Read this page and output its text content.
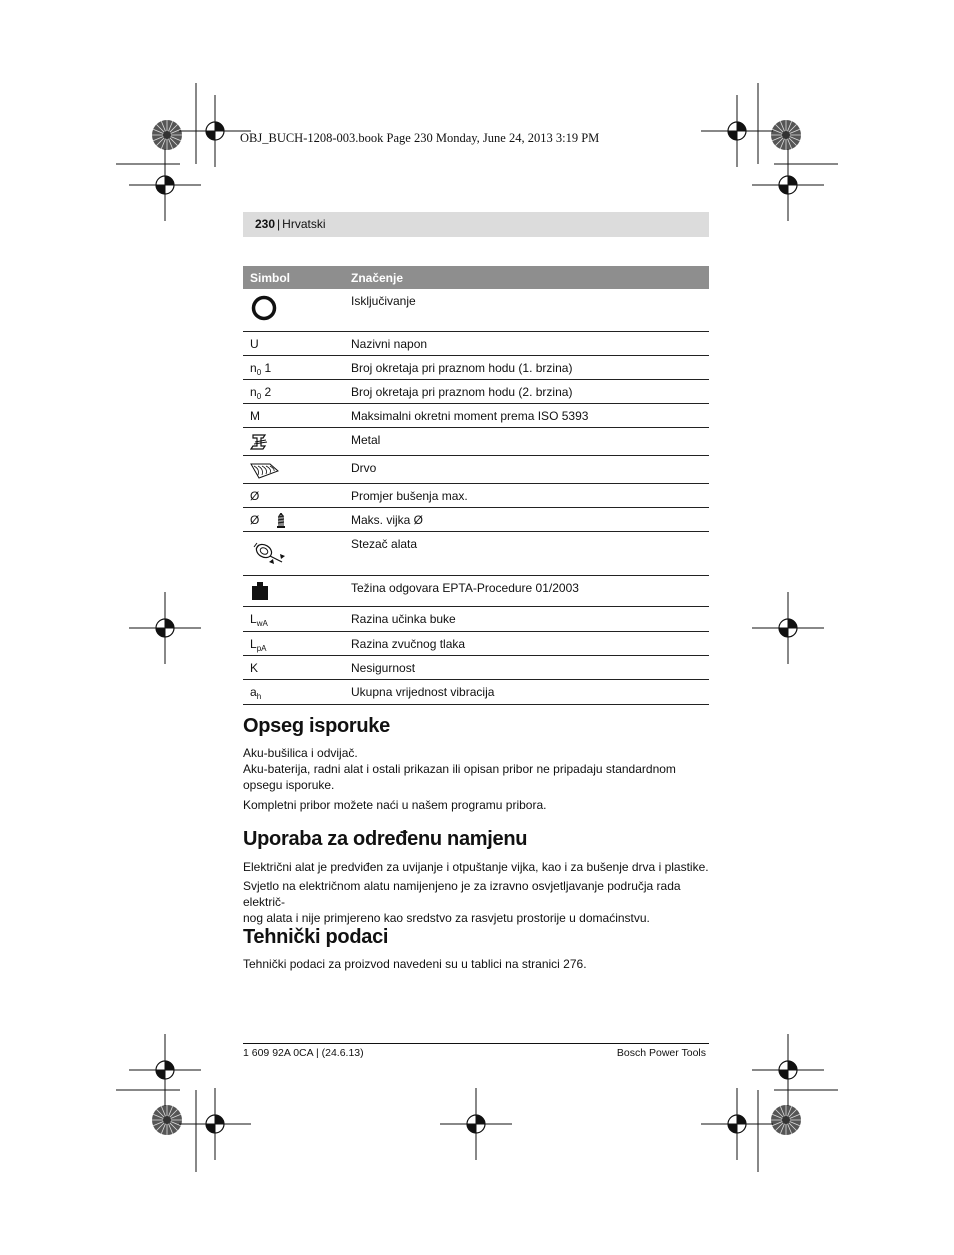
OBJ_BUCH-1208-003.book Page 230 Monday, June 24, 2013 3:19 PM
230 | Hrvatski
Simbol	Značenje
	Isključivanje
U	Nazivni napon
$n_0$ 1	Broj okretaja pri praznom hodu (1. brzina)
$n_0$ 2	Broj okretaja pri praznom hodu (2. brzina)
M	Maksimalni okretni moment prema ISO 5393
	Metal
	Drvo
Ø	Promjer bušenja max.
Ø	Maks. vijka Ø
	Stezač alata
	Težina odgovara EPTA-Procedure 01/2003
$L_{wA}$	Razina učinka buke
$L_{pA}$	Razina zvučnog tlaka
K	Nesigurnost
$a_h$	Ukupna vrijednost vibracija
Opseg isporuke
Aku-bušilica i odvijač.
Aku-baterija, radni alat i ostali prikazan ili opisan pribor ne pripadaju standardnom opsegu isporuke.
Kompletni pribor možete naći u našem programu pribora.
Uporaba za određenu namjenu
Električni alat je predviđen za uvijanje i otpuštanje vijka, kao i za bušenje drva i plastike.
Svjetlo na električnom alatu namijenjeno je za izravno osvjetljavanje područja rada električ-
nog alata i nije primjereno kao sredstvo za rasvjetu prostorije u domaćinstvu.
Tehnički podaci
Tehnički podaci za proizvod navedeni su u tablici na stranici 276.
1 609 92A 0CA | (24.6.13)	Bosch Power Tools
